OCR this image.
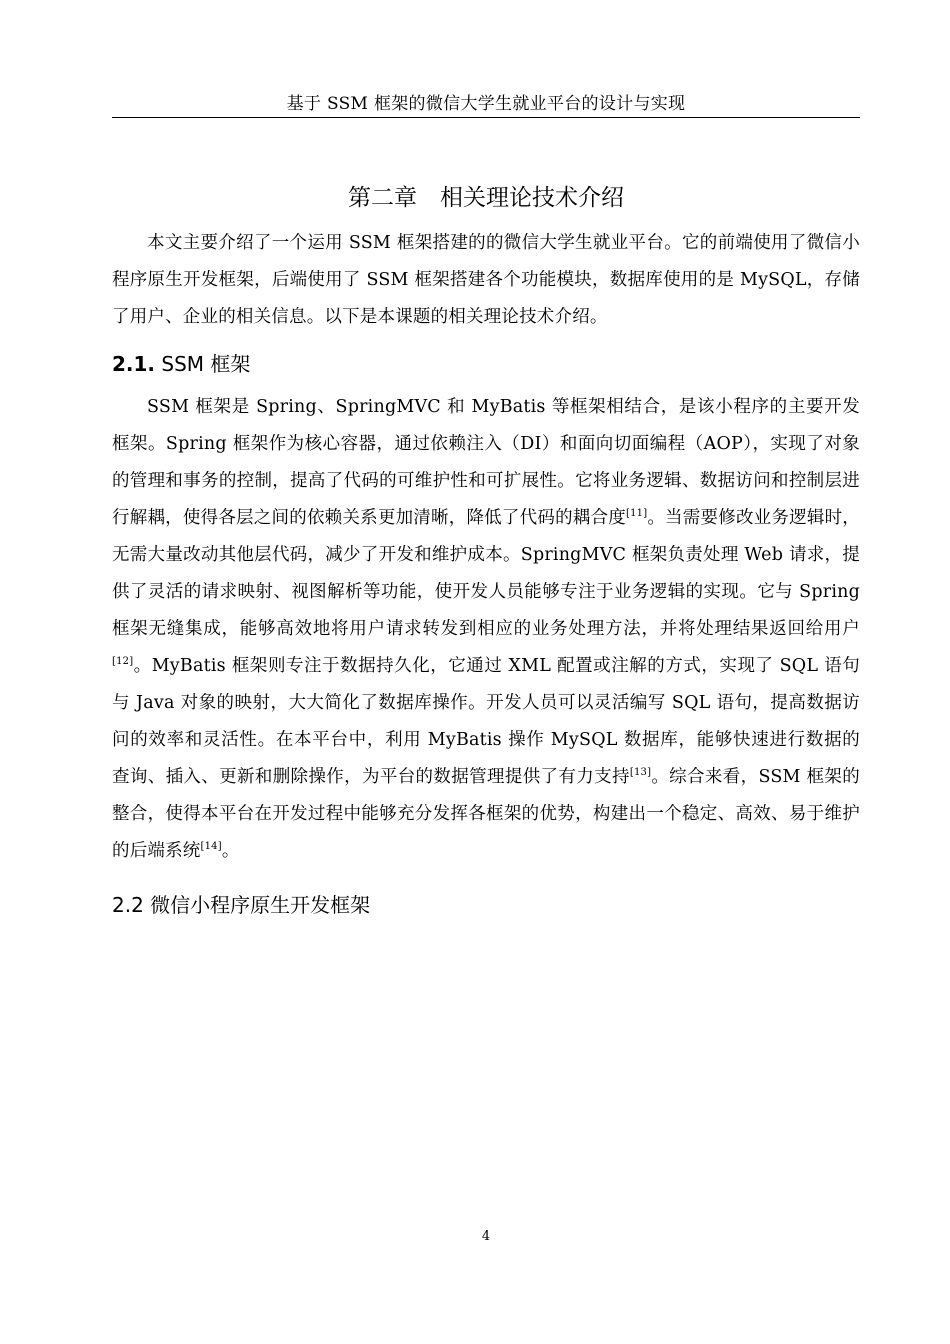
基于 SSM 框架的微信大学生就业平台的设计与实现
第二章　相关理论技术介绍

本文主要介绍了一个运用 SSM 框架搭建的的微信大学生就业平台。它的前端使用了微信小程序原生开发框架，后端使用了 SSM 框架搭建各个功能模块，数据库使用的是 MySQL，存储了用户、企业的相关信息。以下是本课题的相关理论技术介绍。

2.1. SSM 框架

SSM 框架是 Spring、SpringMVC 和 MyBatis 等框架相结合，是该小程序的主要开发框架。Spring 框架作为核心容器，通过依赖注入（DI）和面向切面编程（AOP），实现了对象的管理和事务的控制，提高了代码的可维护性和可扩展性。它将业务逻辑、数据访问和控制层进行解耦，使得各层之间的依赖关系更加清晰，降低了代码的耦合度[11]。当需要修改业务逻辑时，无需大量改动其他层代码，减少了开发和维护成本。SpringMVC 框架负责处理 Web 请求，提供了灵活的请求映射、视图解析等功能，使开发人员能够专注于业务逻辑的实现。它与 Spring 框架无缝集成，能够高效地将用户请求转发到相应的业务处理方法，并将处理结果返回给用户[12]。MyBatis 框架则专注于数据持久化，它通过 XML 配置或注解的方式，实现了 SQL 语句与 Java 对象的映射，大大简化了数据库操作。开发人员可以灵活编写 SQL 语句，提高数据访问的效率和灵活性。在本平台中，利用 MyBatis 操作 MySQL 数据库，能够快速进行数据的查询、插入、更新和删除操作，为平台的数据管理提供了有力支持[13]。综合来看，SSM 框架的整合，使得本平台在开发过程中能够充分发挥各框架的优势，构建出一个稳定、高效、易于维护的后端系统[14]。

2.2 微信小程序原生开发框架
4
